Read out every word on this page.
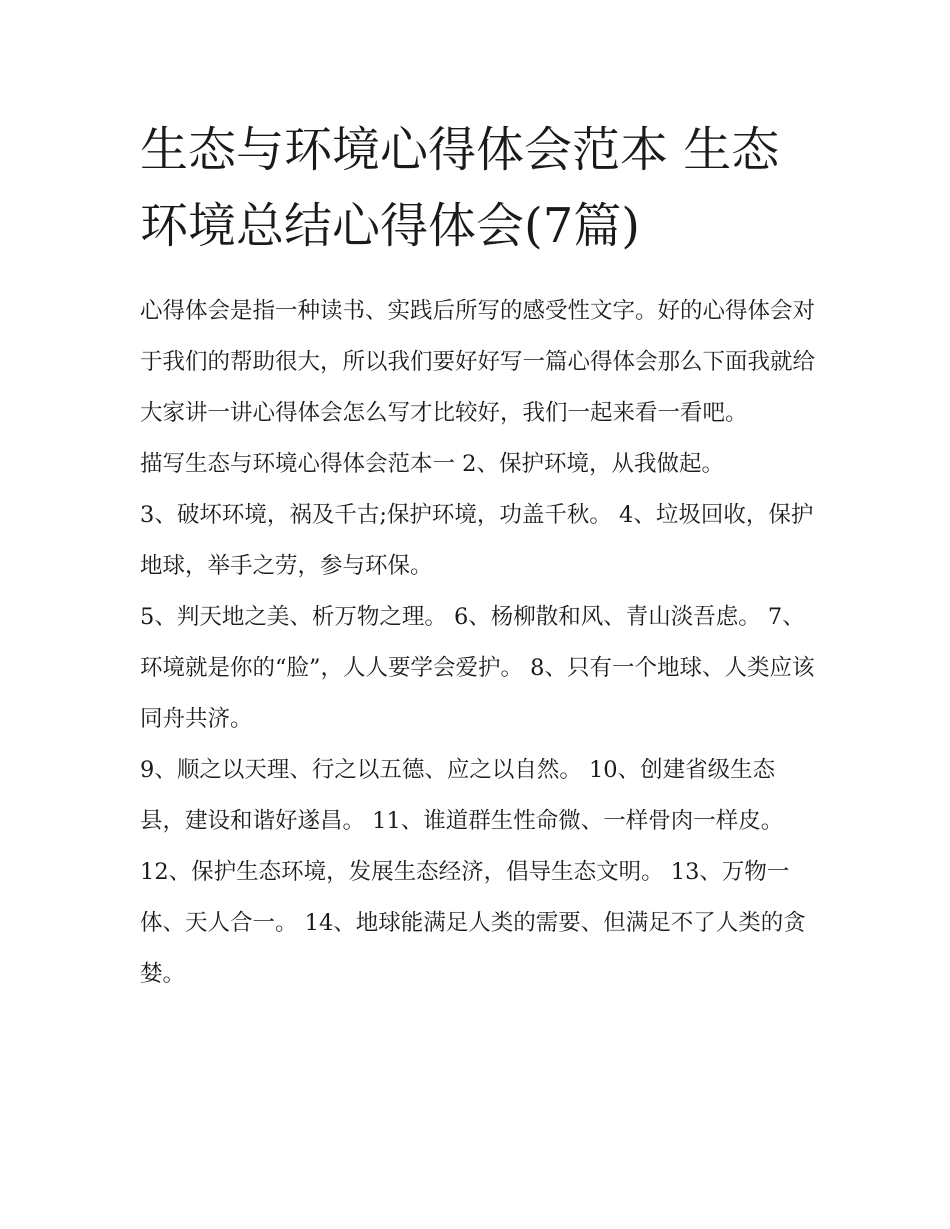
生态与环境心得体会范本 生态环境总结心得体会(7篇)

心得体会是指一种读书、实践后所写的感受性文字。好的心得体会对于我们的帮助很大，所以我们要好好写一篇心得体会那么下面我就给大家讲一讲心得体会怎么写才比较好，我们一起来看一看吧。

描写生态与环境心得体会范本一 2、保护环境，从我做起。

3、破坏环境，祸及千古;保护环境，功盖千秋。 4、垃圾回收，保护地球，举手之劳，参与环保。

5、判天地之美、析万物之理。 6、杨柳散和风、青山淡吾虑。 7、环境就是你的“脸”，人人要学会爱护。 8、只有一个地球、人类应该同舟共济。

9、顺之以天理、行之以五德、应之以自然。 10、创建省级生态县，建设和谐好遂昌。 11、谁道群生性命微、一样骨肉一样皮。

12、保护生态环境，发展生态经济，倡导生态文明。 13、万物一体、天人合一。 14、地球能满足人类的需要、但满足不了人类的贪婪。
